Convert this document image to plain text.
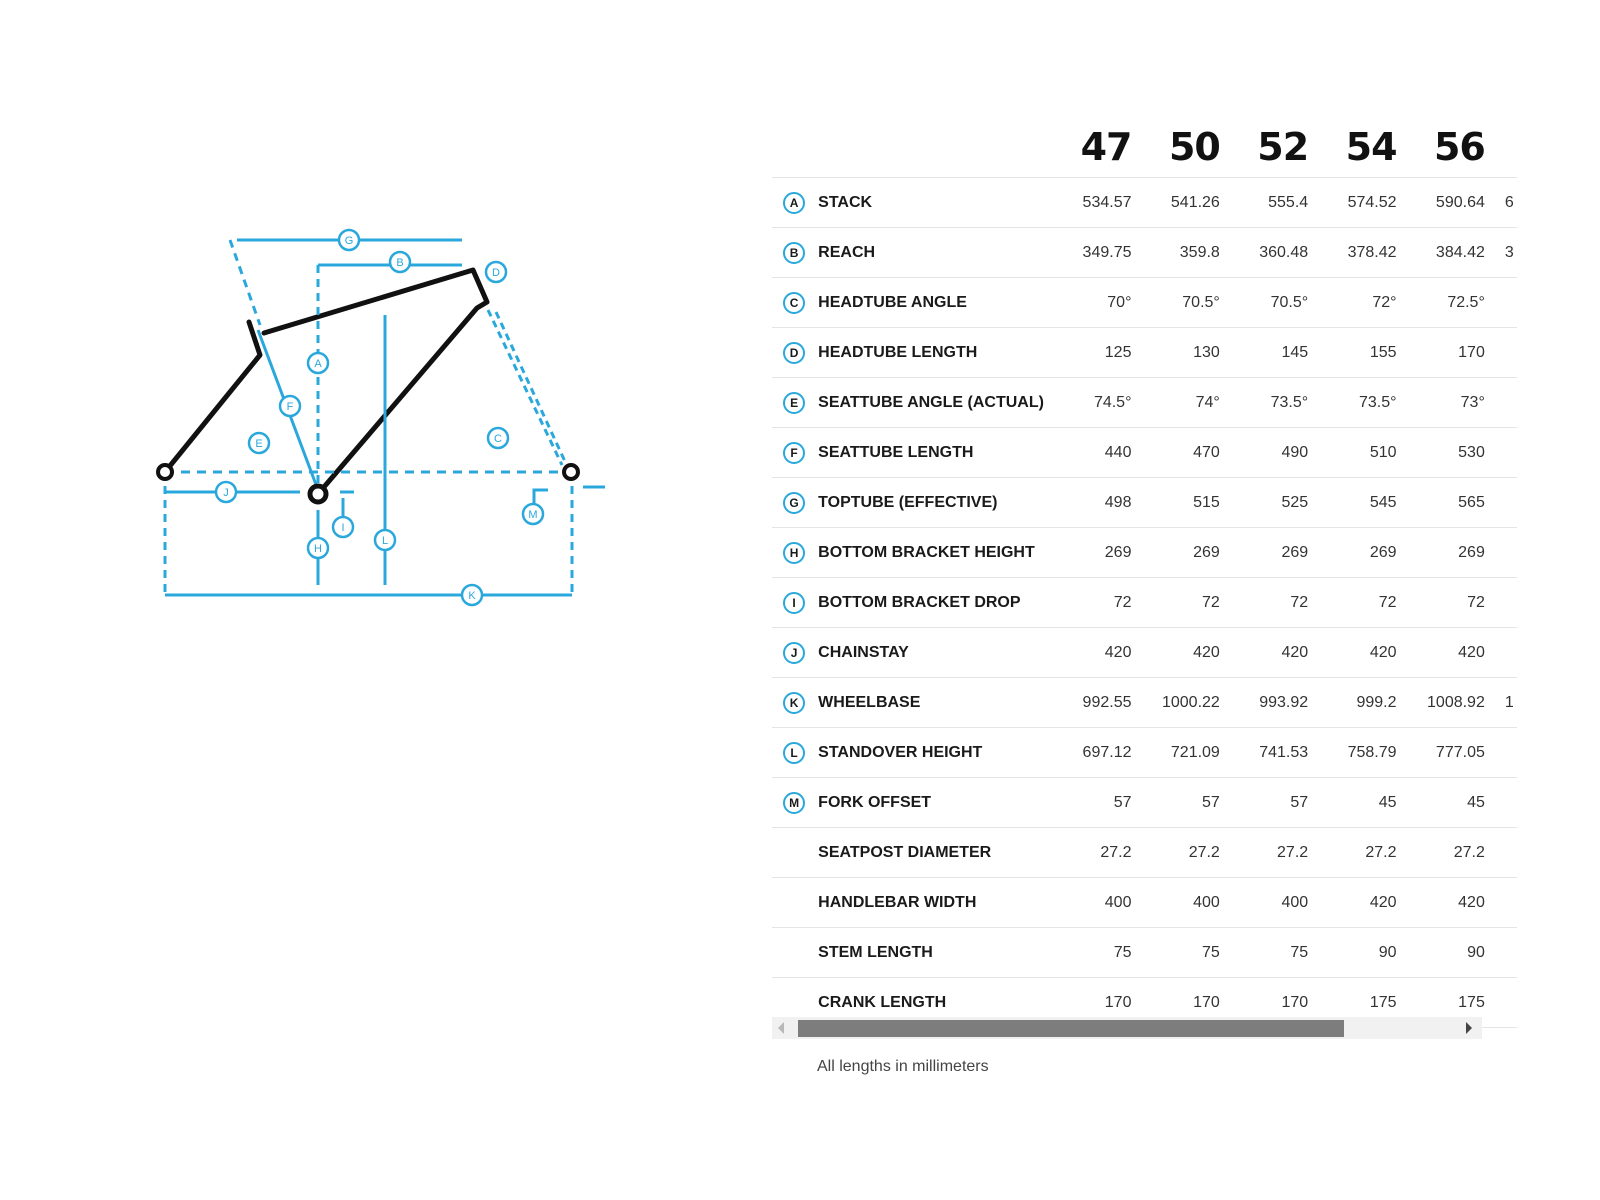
A
B
C
D
E
F
G
H
I
J
K
L
M
		47	50	52	54	56	
A	STACK	534.57	541.26	555.4	574.52	590.64	6
B	REACH	349.75	359.8	360.48	378.42	384.42	3
C	HEADTUBE ANGLE	70°	70.5°	70.5°	72°	72.5°	
D	HEADTUBE LENGTH	125	130	145	155	170	
E	SEATTUBE ANGLE (ACTUAL)	74.5°	74°	73.5°	73.5°	73°	
F	SEATTUBE LENGTH	440	470	490	510	530	
G	TOPTUBE (EFFECTIVE)	498	515	525	545	565	
H	BOTTOM BRACKET HEIGHT	269	269	269	269	269	
I	BOTTOM BRACKET DROP	72	72	72	72	72	
J	CHAINSTAY	420	420	420	420	420	
K	WHEELBASE	992.55	1000.22	993.92	999.2	1008.92	1
L	STANDOVER HEIGHT	697.12	721.09	741.53	758.79	777.05	
M	FORK OFFSET	57	57	57	45	45	
	SEATPOST DIAMETER	27.2	27.2	27.2	27.2	27.2	
	HANDLEBAR WIDTH	400	400	400	420	420	
	STEM LENGTH	75	75	75	90	90	
	CRANK LENGTH	170	170	170	175	175	
All lengths in millimeters
